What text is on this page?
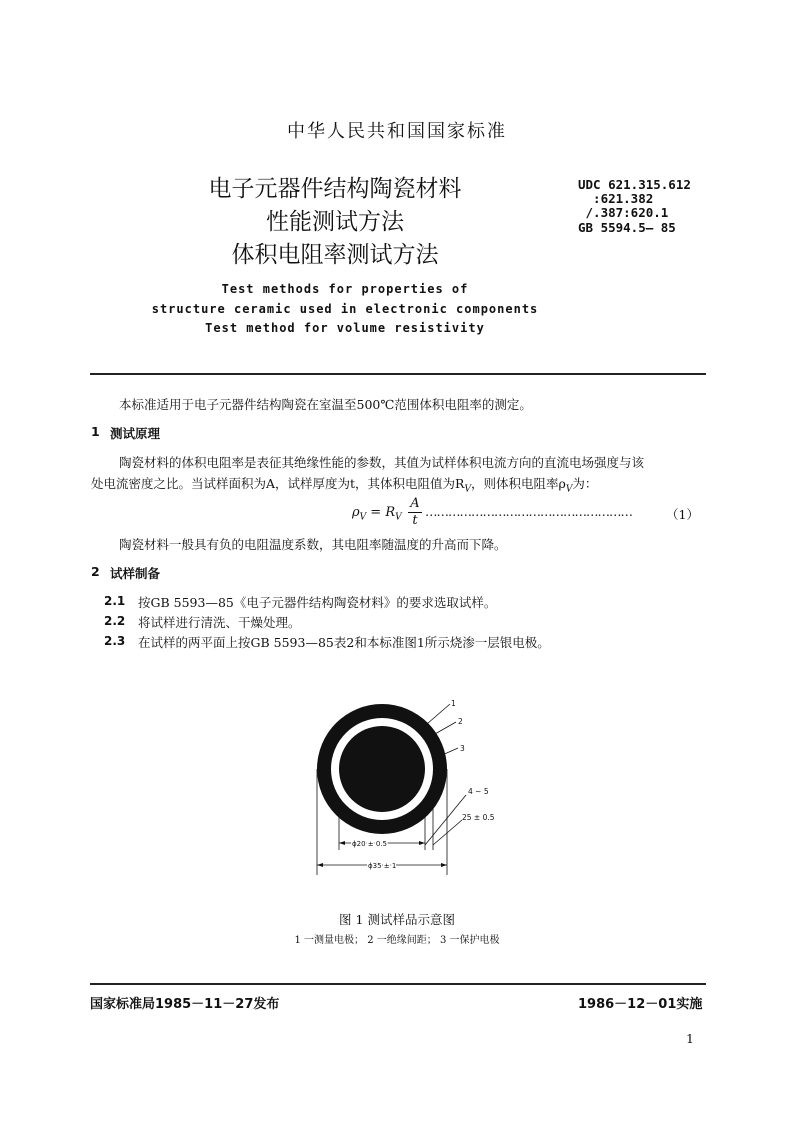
中华人民共和国国家标准
电子元器件结构陶瓷材料
性能测试方法
体积电阻率测试方法
UDC 621.315.612
:621.382
/.387:620.1
GB 5594.5— 85
Test methods for properties of
structure ceramic used in electronic components
Test method for volume resistivity
本标准适用于电子元器件结构陶瓷在室温至500℃范围体积电阻率的测定。
1 测试原理
陶瓷材料的体积电阻率是表征其绝缘性能的参数，其值为试样体积电流方向的直流电场强度与该
处电流密度之比。当试样面积为A，试样厚度为t，其体积电阻值为$R_V$，则体积电阻率$\rho_V$为：
$\rho_V = R_V$
A
t
………………………………………………	（1）
陶瓷材料一般具有负的电阻温度系数，其电阻率随温度的升高而下降。
2 试样制备
2.1 按GB 5593—85《电子元器件结构陶瓷材料》的要求选取试样。
2.2 将试样进行清洗、干燥处理。
2.3 在试样的两平面上按GB 5593—85表2和本标准图1所示烧渗一层银电极。
1
2
3
4 ~ 5
25 ± 0.5
ϕ20 ± 0.5
ϕ35 ± 1
图 1 测试样品示意图
1 一测量电极； 2 一绝缘间距； 3 一保护电极
国家标准局1985－11－27发布	1986－12－01实施
1
